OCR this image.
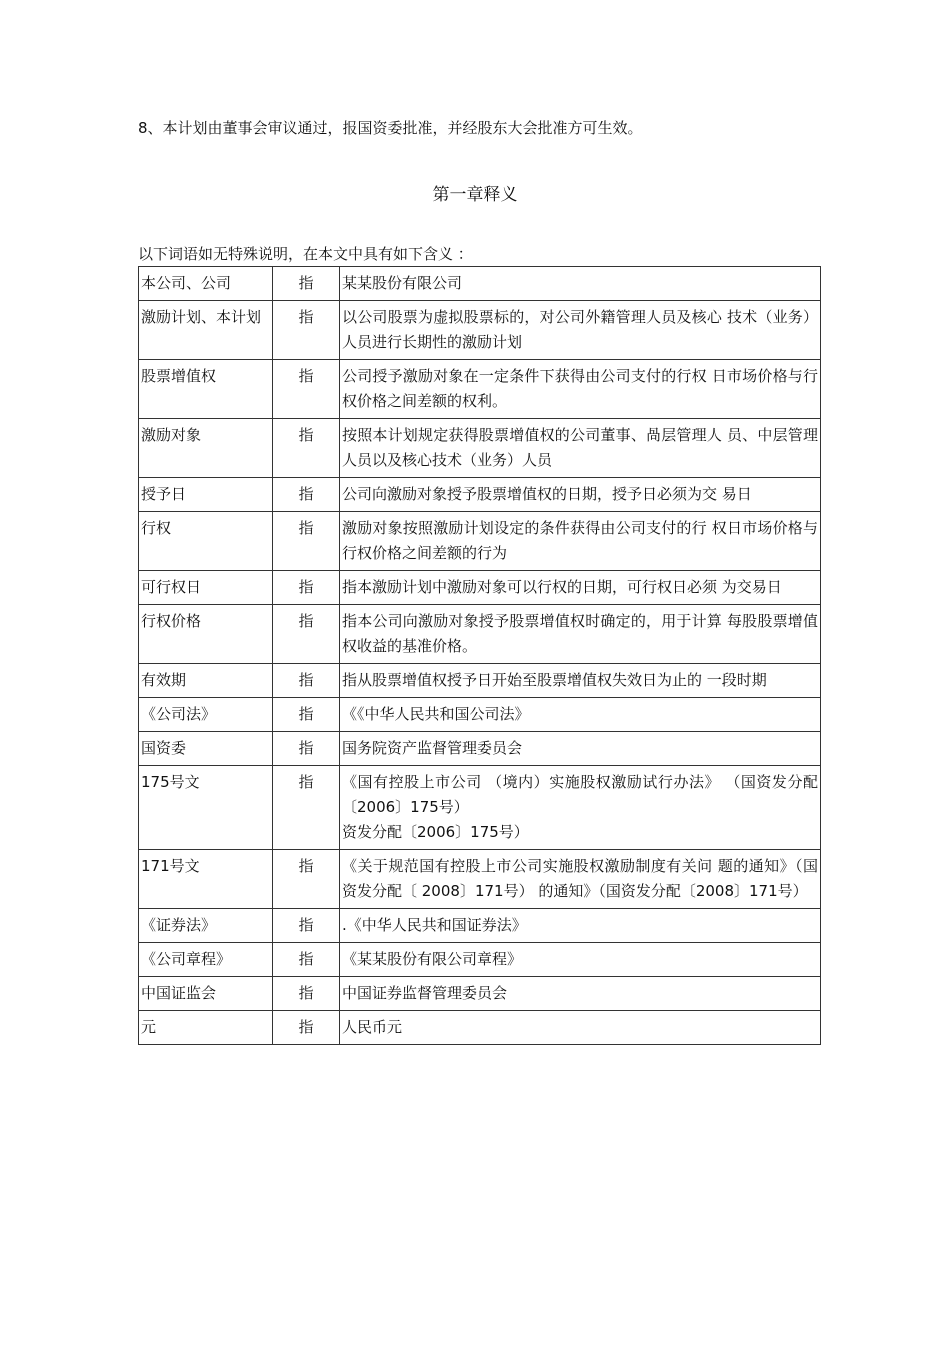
8、本计划由董事会审议通过，报国资委批准，并经股东大会批准方可生效。
第一章释义
以下词语如无特殊说明，在本文中具有如下含义 ：
本公司、公司	指	某某股份有限公司

激励计划、本计划	指	以公司股票为虚拟股票标的，对公司外籍管理人员及核心 技术（业务）人员进行长期性的激励计划

股票增值权	指	公司授予激励对象在一定条件下获得由公司支付的行权 日市场价格与行权价格之间差额的权利。

激励对象	指	按照本计划规定获得股票增值权的公司董事、咼层管理人 员、中层管理人员以及核心技术（业务）人员

授予日	指	公司向激励对象授予股票增值权的日期，授予日必须为交 易日

行权	指	激励对象按照激励计划设定的条件获得由公司支付的行 权日市场价格与行权价格之间差额的行为

可行权日	指	指本激励计划中激励对象可以行权的日期，可行权日必须 为交易日

行权价格	指	指本公司向激励对象授予股票增值权时确定的，用于计算 每股股票增值权收益的基准价格。

有效期	指	指从股票增值权授予日开始至股票增值权失效日为止的 一段时期

《公司法》	指	《《中华人民共和国公司法》

国资委	指	国务院资产监督管理委员会

175号文	指	《国有控股上市公司 （境内）实施股权激励试行办法》 （国资发分配〔2006〕175号）
资发分配〔2006〕175号）

171号文	指	《关于规范国有控股上市公司实施股权激励制度有关问 题的通知》（国资发分配〔 2008〕171号） 的通知》（国资发分配〔2008〕171号）

《证券法》	指	.《中华人民共和国证券法》

《公司章程》	指	《某某股份有限公司章程》

中国证监会	指	中国证券监督管理委员会

元	指	人民币元
